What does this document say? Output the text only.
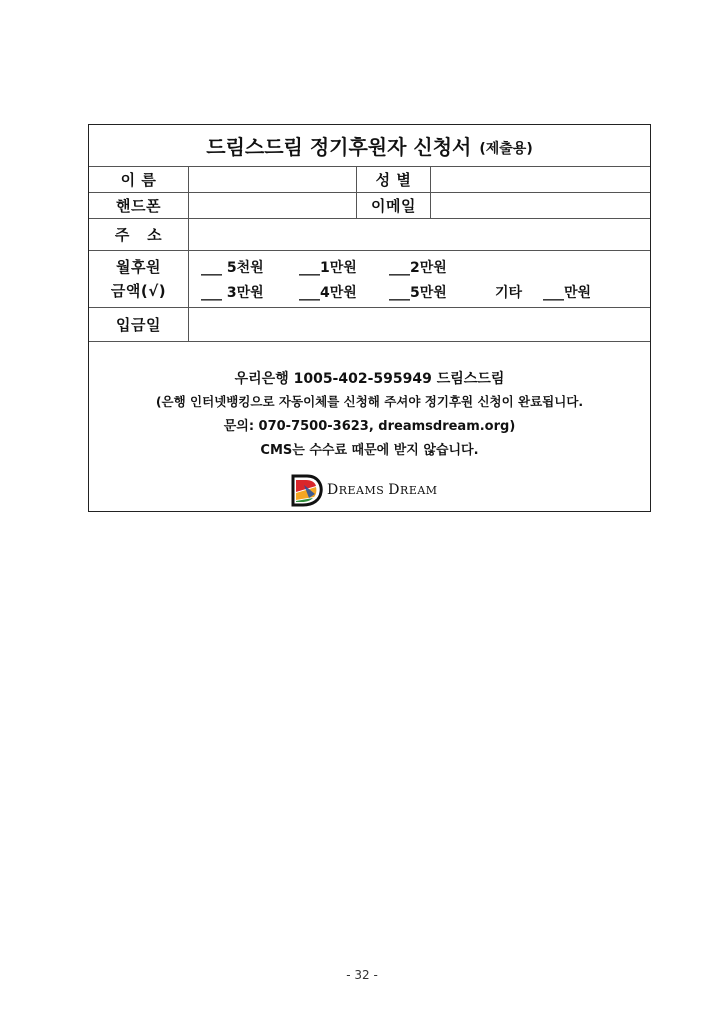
드림스드림 정기후원자 신청서 (제출용)
이 름	성 별
핸드폰	이메일
주   소
월후원
금액(√)
___ 5천원	___1만원 ___2만원
___ 3만원	___4만원 ___5만원	기타 ___만원
입금일
우리은행 1005-402-595949 드림스드림
(은행 인터넷뱅킹으로 자동이체를 신청해 주셔야 정기후원 신청이 완료됩니다.
문의: 070-7500-3623, dreamsdream.org)
CMS는 수수료 때문에 받지 않습니다.
DREAMS DREAM
- 32 -
